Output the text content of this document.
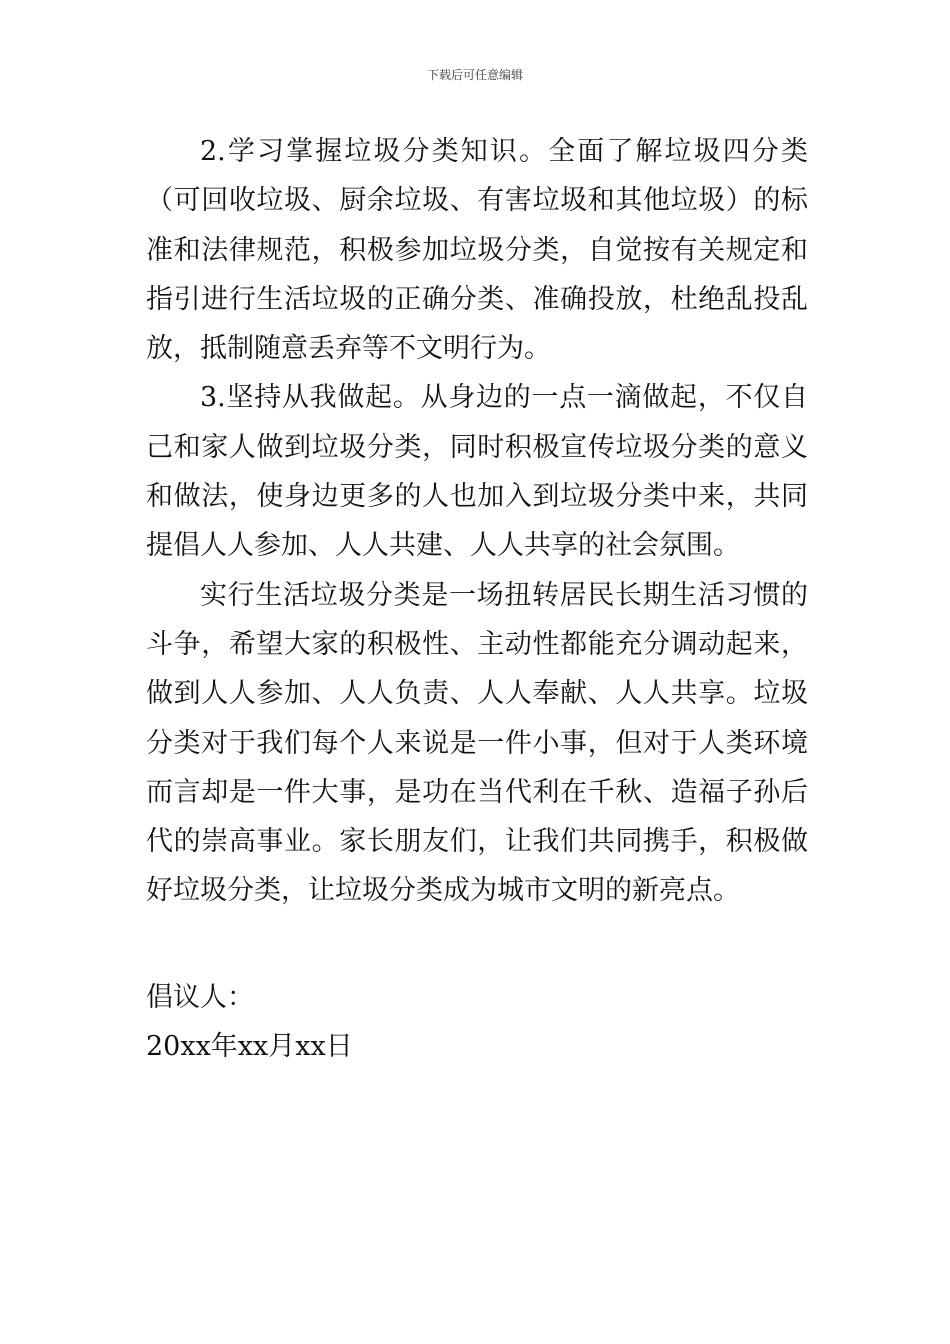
下载后可任意编辑

2.学习掌握垃圾分类知识。全面了解垃圾四分类（可回收垃圾、厨余垃圾、有害垃圾和其他垃圾）的标准和法律规范，积极参加垃圾分类，自觉按有关规定和指引进行生活垃圾的正确分类、准确投放，杜绝乱投乱放，抵制随意丢弃等不文明行为。

3.坚持从我做起。从身边的一点一滴做起，不仅自己和家人做到垃圾分类，同时积极宣传垃圾分类的意义和做法，使身边更多的人也加入到垃圾分类中来，共同提倡人人参加、人人共建、人人共享的社会氛围。

实行生活垃圾分类是一场扭转居民长期生活习惯的斗争，希望大家的积极性、主动性都能充分调动起来，做到人人参加、人人负责、人人奉献、人人共享。垃圾分类对于我们每个人来说是一件小事，但对于人类环境而言却是一件大事，是功在当代利在千秋、造福子孙后代的崇高事业。家长朋友们，让我们共同携手，积极做好垃圾分类，让垃圾分类成为城市文明的新亮点。

倡议人：
20xx年xx月xx日
